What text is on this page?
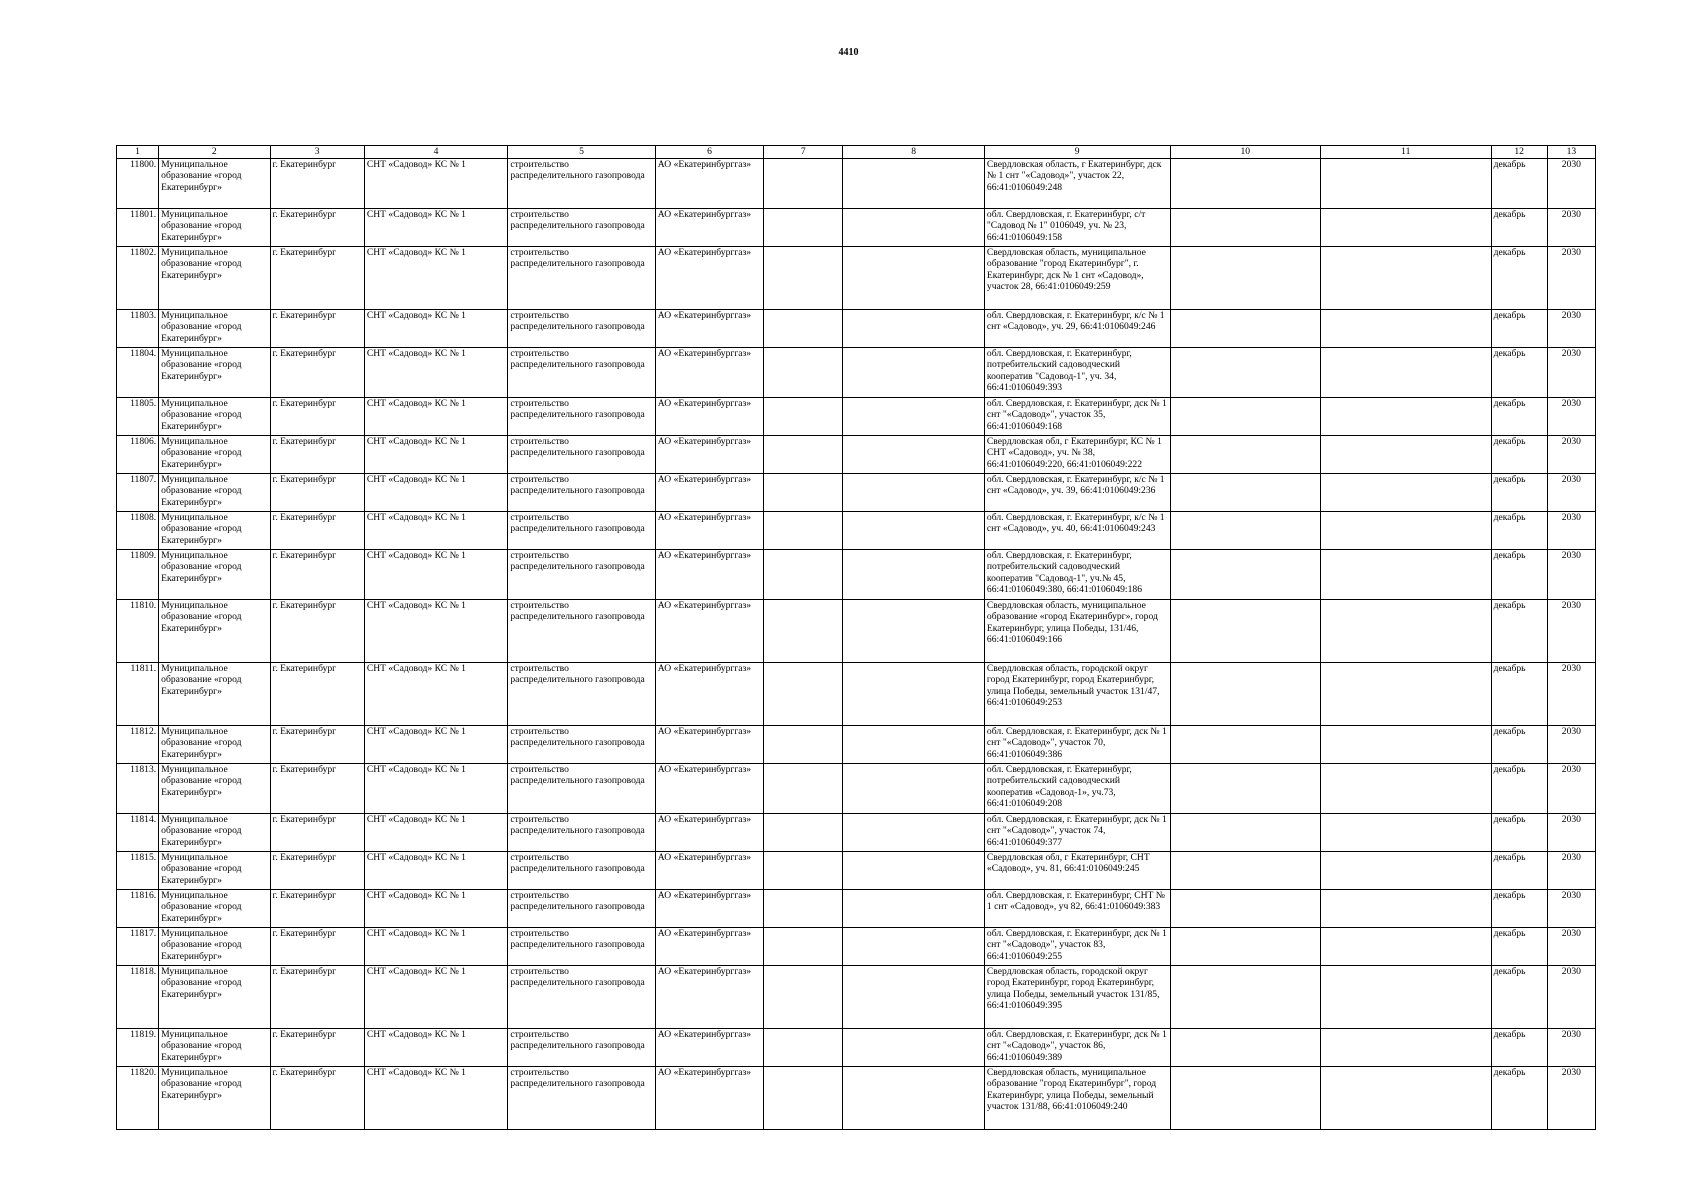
4410
1	2	3	4	5	6	7	8	9	10	11	12	13
11800.	Муниципальное образование «город Екатеринбург»	г. Екатеринбург	СНТ «Садовод» КС № 1	строительство распределительного газопровода	АО «Екатеринбурггаз»			Свердловская область, г Екатеринбург, дск № 1 снт "«Садовод»", участок 22, 66:41:0106049:248			декабрь	2030
11801.	Муниципальное образование «город Екатеринбург»	г. Екатеринбург	СНТ «Садовод» КС № 1	строительство распределительного газопровода	АО «Екатеринбурггаз»			обл. Свердловская, г. Екатеринбург, с/т "Садовод № 1" 0106049, уч. № 23, 66:41:0106049:158			декабрь	2030
11802.	Муниципальное образование «город Екатеринбург»	г. Екатеринбург	СНТ «Садовод» КС № 1	строительство распределительного газопровода	АО «Екатеринбурггаз»			Свердловская область, муниципальное образование "город Екатеринбург", г. Екатеринбург, дск № 1 снт «Садовод», участок 28, 66:41:0106049:259			декабрь	2030
11803.	Муниципальное образование «город Екатеринбург»	г. Екатеринбург	СНТ «Садовод» КС № 1	строительство распределительного газопровода	АО «Екатеринбурггаз»			обл. Свердловская, г. Екатеринбург, к/с № 1 снт «Садовод», уч. 29, 66:41:0106049:246			декабрь	2030
11804.	Муниципальное образование «город Екатеринбург»	г. Екатеринбург	СНТ «Садовод» КС № 1	строительство распределительного газопровода	АО «Екатеринбурггаз»			обл. Свердловская, г. Екатеринбург, потребительский садоводческий кооператив "Садовод-1", уч. 34, 66:41:0106049:393			декабрь	2030
11805.	Муниципальное образование «город Екатеринбург»	г. Екатеринбург	СНТ «Садовод» КС № 1	строительство распределительного газопровода	АО «Екатеринбурггаз»			обл. Свердловская, г. Екатеринбург, дск № 1 снт "«Садовод»", участок 35, 66:41:0106049:168			декабрь	2030
11806.	Муниципальное образование «город Екатеринбург»	г. Екатеринбург	СНТ «Садовод» КС № 1	строительство распределительного газопровода	АО «Екатеринбурггаз»			Свердловская обл, г Екатеринбург, КС № 1 СНТ «Садовод», уч. № 38, 66:41:0106049:220, 66:41:0106049:222			декабрь	2030
11807.	Муниципальное образование «город Екатеринбург»	г. Екатеринбург	СНТ «Садовод» КС № 1	строительство распределительного газопровода	АО «Екатеринбурггаз»			обл. Свердловская, г. Екатеринбург, к/с № 1 снт «Садовод», уч. 39, 66:41:0106049:236			декабрь	2030
11808.	Муниципальное образование «город Екатеринбург»	г. Екатеринбург	СНТ «Садовод» КС № 1	строительство распределительного газопровода	АО «Екатеринбурггаз»			обл. Свердловская, г. Екатеринбург, к/с № 1 снт «Садовод», уч. 40, 66:41:0106049:243			декабрь	2030
11809.	Муниципальное образование «город Екатеринбург»	г. Екатеринбург	СНТ «Садовод» КС № 1	строительство распределительного газопровода	АО «Екатеринбурггаз»			обл. Свердловская, г. Екатеринбург, потребительский садоводческий кооператив "Садовод-1", уч.№ 45, 66:41:0106049:380, 66:41:0106049:186			декабрь	2030
11810.	Муниципальное образование «город Екатеринбург»	г. Екатеринбург	СНТ «Садовод» КС № 1	строительство распределительного газопровода	АО «Екатеринбурггаз»			Свердловская область, муниципальное образование «город Екатеринбург», город Екатеринбург, улица Победы, 131/46, 66:41:0106049:166			декабрь	2030
11811.	Муниципальное образование «город Екатеринбург»	г. Екатеринбург	СНТ «Садовод» КС № 1	строительство распределительного газопровода	АО «Екатеринбурггаз»			Свердловская область, городской округ город Екатеринбург, город Екатеринбург, улица Победы, земельный участок 131/47, 66:41:0106049:253			декабрь	2030
11812.	Муниципальное образование «город Екатеринбург»	г. Екатеринбург	СНТ «Садовод» КС № 1	строительство распределительного газопровода	АО «Екатеринбурггаз»			обл. Свердловская, г. Екатеринбург, дск № 1 снт "«Садовод»", участок 70, 66:41:0106049:386			декабрь	2030
11813.	Муниципальное образование «город Екатеринбург»	г. Екатеринбург	СНТ «Садовод» КС № 1	строительство распределительного газопровода	АО «Екатеринбурггаз»			обл. Свердловская, г. Екатеринбург, потребительский садоводческий кооператив «Садовод-1», уч.73, 66:41:0106049:208			декабрь	2030
11814.	Муниципальное образование «город Екатеринбург»	г. Екатеринбург	СНТ «Садовод» КС № 1	строительство распределительного газопровода	АО «Екатеринбурггаз»			обл. Свердловская, г. Екатеринбург, дск № 1 снт "«Садовод»", участок 74, 66:41:0106049:377			декабрь	2030
11815.	Муниципальное образование «город Екатеринбург»	г. Екатеринбург	СНТ «Садовод» КС № 1	строительство распределительного газопровода	АО «Екатеринбурггаз»			Свердловская обл, г Екатеринбург, СНТ «Садовод», уч. 81, 66:41:0106049:245			декабрь	2030
11816.	Муниципальное образование «город Екатеринбург»	г. Екатеринбург	СНТ «Садовод» КС № 1	строительство распределительного газопровода	АО «Екатеринбурггаз»			обл. Свердловская, г. Екатеринбург, СНТ № 1 снт «Садовод», уч 82, 66:41:0106049:383			декабрь	2030
11817.	Муниципальное образование «город Екатеринбург»	г. Екатеринбург	СНТ «Садовод» КС № 1	строительство распределительного газопровода	АО «Екатеринбурггаз»			обл. Свердловская, г. Екатеринбург, дск № 1 снт "«Садовод»", участок 83, 66:41:0106049:255			декабрь	2030
11818.	Муниципальное образование «город Екатеринбург»	г. Екатеринбург	СНТ «Садовод» КС № 1	строительство распределительного газопровода	АО «Екатеринбурггаз»			Свердловская область, городской округ город Екатеринбург, город Екатеринбург, улица Победы, земельный участок 131/85, 66:41:0106049:395			декабрь	2030
11819.	Муниципальное образование «город Екатеринбург»	г. Екатеринбург	СНТ «Садовод» КС № 1	строительство распределительного газопровода	АО «Екатеринбурггаз»			обл. Свердловская, г. Екатеринбург, дск № 1 снт "«Садовод»", участок 86, 66:41:0106049:389			декабрь	2030
11820.	Муниципальное образование «город Екатеринбург»	г. Екатеринбург	СНТ «Садовод» КС № 1	строительство распределительного газопровода	АО «Екатеринбурггаз»			Свердловская область, муниципальное образование "город Екатеринбург", город Екатеринбург, улица Победы, земельный участок 131/88, 66:41:0106049:240			декабрь	2030
